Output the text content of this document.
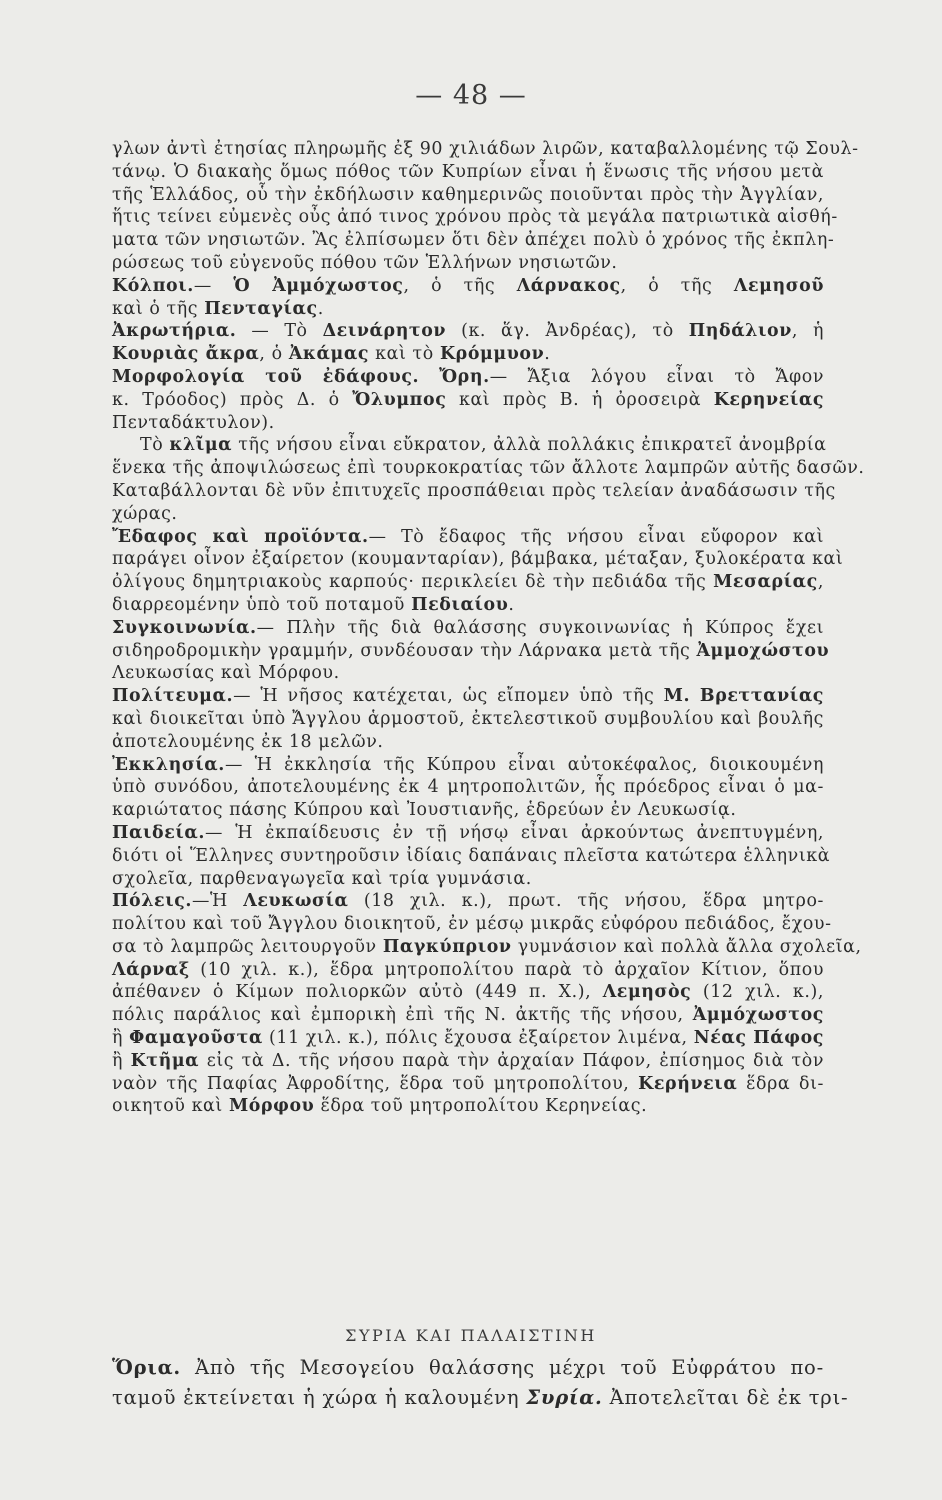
— 48 —
γλων ἀντὶ ἐτησίας πληρωμῆς ἐξ 90 χιλιάδων λιρῶν, καταβαλλομένης τῷ Σουλ-
τάνῳ. Ὁ διακαὴς ὅμως πόθος τῶν Κυπρίων εἶναι ἡ ἕνωσις τῆς νήσου μετὰ
τῆς Ἑλλάδος, οὗ τὴν ἐκδήλωσιν καθημερινῶς ποιοῦνται πρὸς τὴν Ἀγγλίαν,
ἥτις τείνει εὐμενὲς οὖς ἀπό τινος χρόνου πρὸς τὰ μεγάλα πατριωτικὰ αἰσθή-
ματα τῶν νησιωτῶν. Ἂς ἐλπίσωμεν ὅτι δὲν ἀπέχει πολὺ ὁ χρόνος τῆς ἐκπλη-
ρώσεως τοῦ εὐγενοῦς πόθου τῶν Ἑλλήνων νησιωτῶν.
Κόλποι.— Ὁ Ἀμμόχωστος, ὁ τῆς Λάρνακος, ὁ τῆς Λεμησοῦ
καὶ ὁ τῆς Πενταγίας.
Ἀκρωτήρια. — Τὸ Δεινάρητον (κ. ἅγ. Ἀνδρέας), τὸ Πηδάλιον, ἡ
Κουριὰς ἄκρα, ὁ Ἀκάμας καὶ τὸ Κρόμμυον.
Μορφολογία τοῦ ἐδάφους. Ὄρη.— Ἄξια λόγου εἶναι τὸ Ἄφον
κ. Τρόοδος) πρὸς Δ. ὁ Ὄλυμπος καὶ πρὸς Β. ἡ ὀροσειρὰ Κερηνείας
Πενταδάκτυλον).
Τὸ κλῖμα τῆς νήσου εἶναι εὔκρατον, ἀλλὰ πολλάκις ἐπικρατεῖ ἀνομβρία
ἕνεκα τῆς ἀποψιλώσεως ἐπὶ τουρκοκρατίας τῶν ἄλλοτε λαμπρῶν αὐτῆς δασῶν.
Καταβάλλονται δὲ νῦν ἐπιτυχεῖς προσπάθειαι πρὸς τελείαν ἀναδάσωσιν τῆς
χώρας.
Ἔδαφος καὶ προϊόντα.— Τὸ ἔδαφος τῆς νήσου εἶναι εὔφορον καὶ
παράγει οἶνον ἐξαίρετον (κουμανταρίαν), βάμβακα, μέταξαν, ξυλοκέρατα καὶ
ὀλίγους δημητριακοὺς καρπούς· περικλείει δὲ τὴν πεδιάδα τῆς Μεσαρίας,
διαρρεομένην ὑπὸ τοῦ ποταμοῦ Πεδιαίου.
Συγκοινωνία.— Πλὴν τῆς διὰ θαλάσσης συγκοινωνίας ἡ Κύπρος ἔχει
σιδηροδρομικὴν γραμμήν, συνδέουσαν τὴν Λάρνακα μετὰ τῆς Ἀμμοχώστου
Λευκωσίας καὶ Μόρφου.
Πολίτευμα.— Ἡ νῆσος κατέχεται, ὡς εἴπομεν ὑπὸ τῆς Μ. Βρεττανίας
καὶ διοικεῖται ὑπὸ Ἄγγλου ἁρμοστοῦ, ἐκτελεστικοῦ συμβουλίου καὶ βουλῆς
ἀποτελουμένης ἐκ 18 μελῶν.
Ἐκκλησία.— Ἡ ἐκκλησία τῆς Κύπρου εἶναι αὐτοκέφαλος, διοικουμένη
ὑπὸ συνόδου, ἀποτελουμένης ἐκ 4 μητροπολιτῶν, ἧς πρόεδρος εἶναι ὁ μα-
καριώτατος πάσης Κύπρου καὶ Ἰουστιανῆς, ἑδρεύων ἐν Λευκωσίᾳ.
Παιδεία.— Ἡ ἐκπαίδευσις ἐν τῇ νήσῳ εἶναι ἀρκούντως ἀνεπτυγμένη,
διότι οἱ Ἕλληνες συντηροῦσιν ἰδίαις δαπάναις πλεῖστα κατώτερα ἑλληνικὰ
σχολεῖα, παρθεναγωγεῖα καὶ τρία γυμνάσια.
Πόλεις.—Ἡ Λευκωσία (18 χιλ. κ.), πρωτ. τῆς νήσου, ἕδρα μητρο-
πολίτου καὶ τοῦ Ἄγγλου διοικητοῦ, ἐν μέσῳ μικρᾶς εὐφόρου πεδιάδος, ἔχου-
σα τὸ λαμπρῶς λειτουργοῦν Παγκύπριον γυμνάσιον καὶ πολλὰ ἄλλα σχολεῖα,
Λάρναξ (10 χιλ. κ.), ἕδρα μητροπολίτου παρὰ τὸ ἀρχαῖον Κίτιον, ὅπου
ἀπέθανεν ὁ Κίμων πολιορκῶν αὐτὸ (449 π. Χ.), Λεμησὸς (12 χιλ. κ.),
πόλις παράλιος καὶ ἐμπορικὴ ἐπὶ τῆς Ν. ἀκτῆς τῆς νήσου, Ἀμμόχωστος
ἢ Φαμαγοῦστα (11 χιλ. κ.), πόλις ἔχουσα ἐξαίρετον λιμένα, Νέας Πάφος
ἢ Κτῆμα εἰς τὰ Δ. τῆς νήσου παρὰ τὴν ἀρχαίαν Πάφον, ἐπίσημος διὰ τὸν
ναὸν τῆς Παφίας Ἀφροδίτης, ἕδρα τοῦ μητροπολίτου, Κερήνεια ἕδρα δι-
οικητοῦ καὶ Μόρφου ἕδρα τοῦ μητροπολίτου Κερηνείας.
ΣΥΡΙΑ ΚΑΙ ΠΑΛΑΙΣΤΙΝΗ
Ὅρια. Ἀπὸ τῆς Μεσογείου θαλάσσης μέχρι τοῦ Εὐφράτου πο-
ταμοῦ ἐκτείνεται ἡ χώρα ἡ καλουμένη Συρία. Ἀποτελεῖται δὲ ἐκ τρι-
